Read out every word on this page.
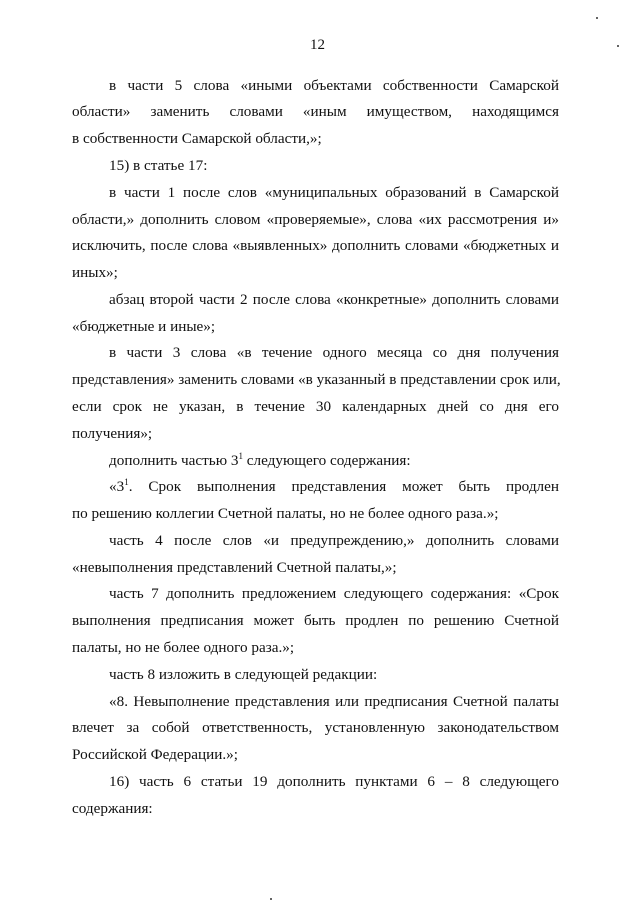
12
в части 5 слова «иными объектами собственности Самарской
области» заменить словами «иным имуществом, находящимся
в собственности Самарской области,»;
15) в статье 17:
в части 1 после слов «муниципальных образований в Самарской
области,» дополнить словом «проверяемые», слова «их рассмотрения и»
исключить, после слова «выявленных» дополнить словами «бюджетных и
иных»;
абзац второй части 2 после слова «конкретные» дополнить словами
«бюджетные и иные»;
в части 3 слова «в течение одного месяца со дня получения
представления» заменить словами «в указанный в представлении срок или,
если срок не указан, в течение 30 календарных дней со дня его
получения»;
дополнить частью $3^1$ следующего содержания:
«$3^1$. Срок выполнения представления может быть продлен
по решению коллегии Счетной палаты, но не более одного раза.»;
часть 4 после слов «и предупреждению,» дополнить словами
«невыполнения представлений Счетной палаты,»;
часть 7 дополнить предложением следующего содержания: «Срок
выполнения предписания может быть продлен по решению Счетной
палаты, но не более одного раза.»;
часть 8 изложить в следующей редакции:
«8. Невыполнение представления или предписания Счетной палаты
влечет за собой ответственность, установленную законодательством
Российской Федерации.»;
16) часть 6 статьи 19 дополнить пунктами 6 – 8 следующего
содержания:
